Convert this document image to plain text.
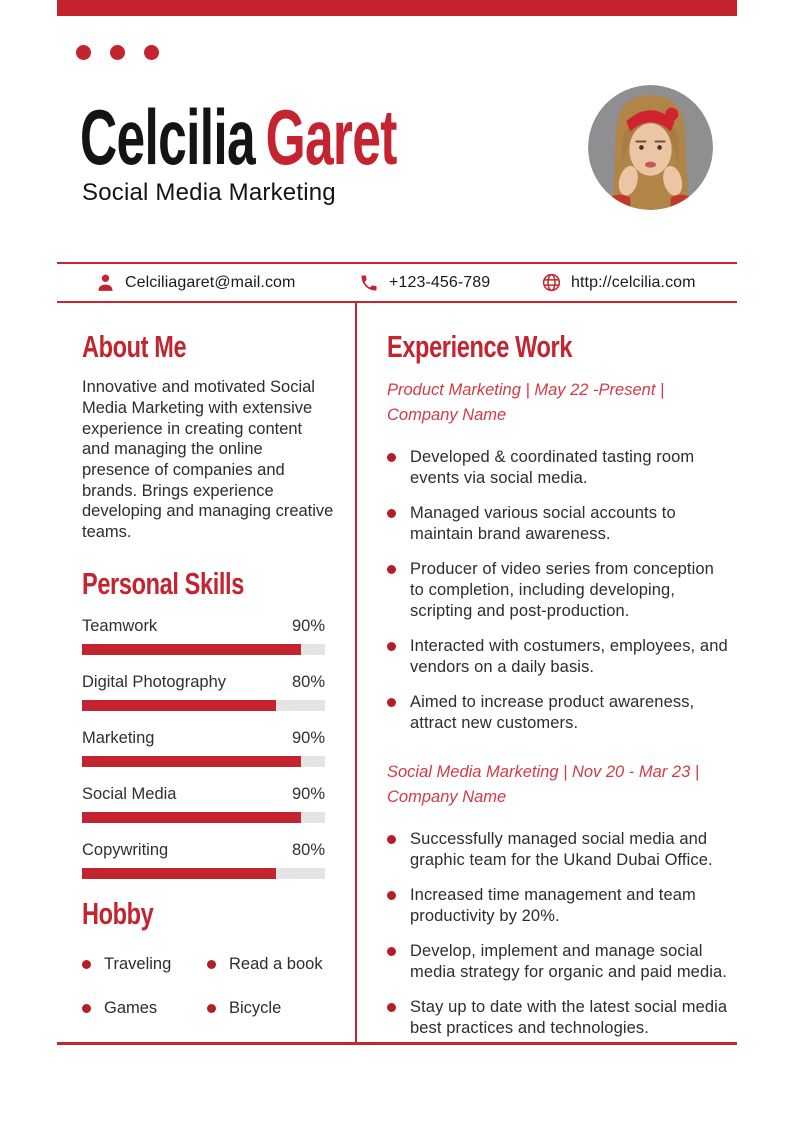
Celcilia Garet
Social Media Marketing
Celciliagaret@mail.com	+123-456-789	http://celcilia.com
About Me

Innovative and motivated Social Media Marketing with extensive experience in creating content and managing the online presence of companies and brands. Brings experience developing and managing creative teams.

Personal Skills
Teamwork	90%
Digital Photography	80%
Marketing	90%
Social Media	90%
Copywriting	80%
Hobby
Traveling	Read a book
Games	Bicycle
Experience Work

Product Marketing | May 22 -Present | Company Name

Developed & coordinated tasting room events via social media.
Managed various social accounts to maintain brand awareness.
Producer of video series from conception to completion, including developing, scripting and post-production.
Interacted with costumers, employees, and vendors on a daily basis.
Aimed to increase product awareness, attract new customers.

Social Media Marketing | Nov 20 - Mar 23 | Company Name

Successfully managed social media and graphic team for the Ukand Dubai Office.
Increased time management and team productivity by 20%.
Develop, implement and manage social media strategy for organic and paid media.
Stay up to date with the latest social media best practices and technologies.
